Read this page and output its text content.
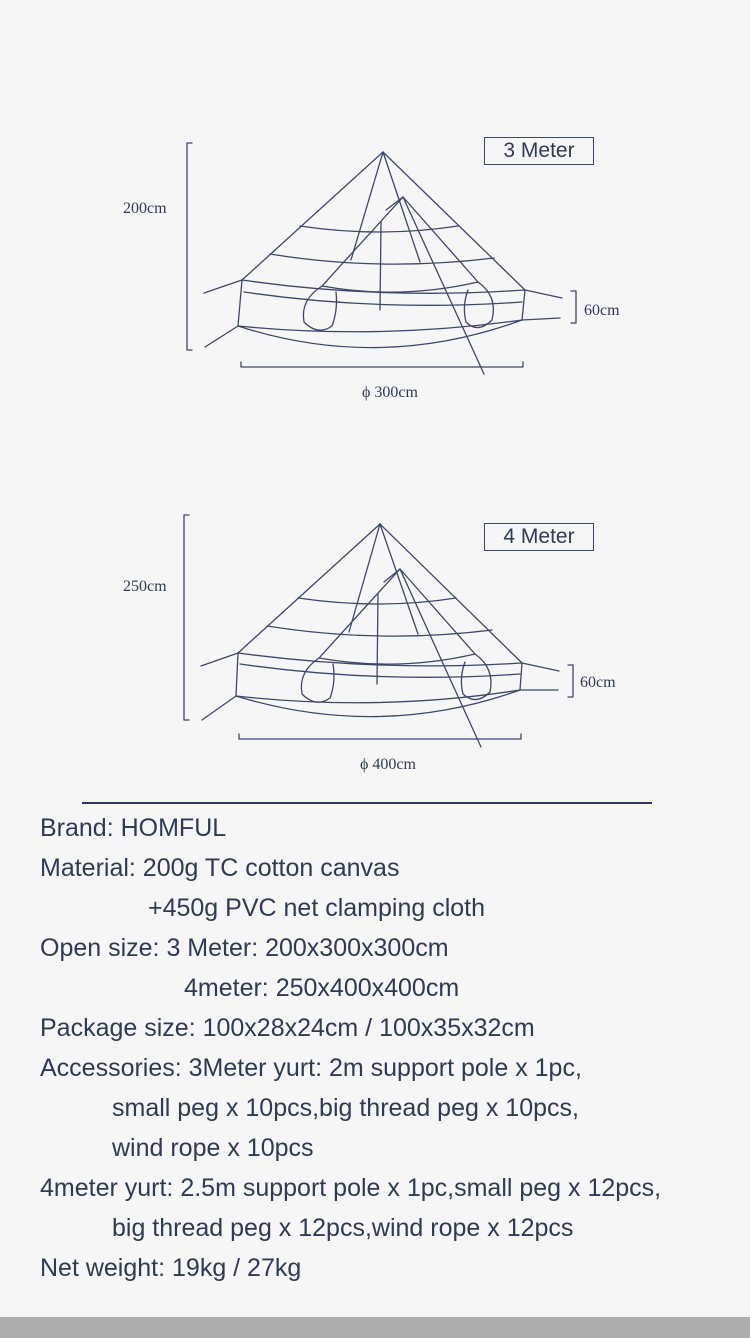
3 Meter
200cm
60cm
ϕ 300cm
4 Meter
250cm
60cm
ϕ 400cm
Brand: HOMFUL
Material: 200g TC cotton canvas
+450g PVC net clamping cloth
Open size: 3 Meter: 200x300x300cm
4meter: 250x400x400cm
Package size: 100x28x24cm / 100x35x32cm
Accessories: 3Meter yurt: 2m support pole x 1pc,
small peg x 10pcs,big thread peg x 10pcs,
wind rope x 10pcs
4meter yurt: 2.5m support pole x 1pc,small peg x 12pcs,
big thread peg x 12pcs,wind rope x 12pcs
Net weight: 19kg / 27kg
